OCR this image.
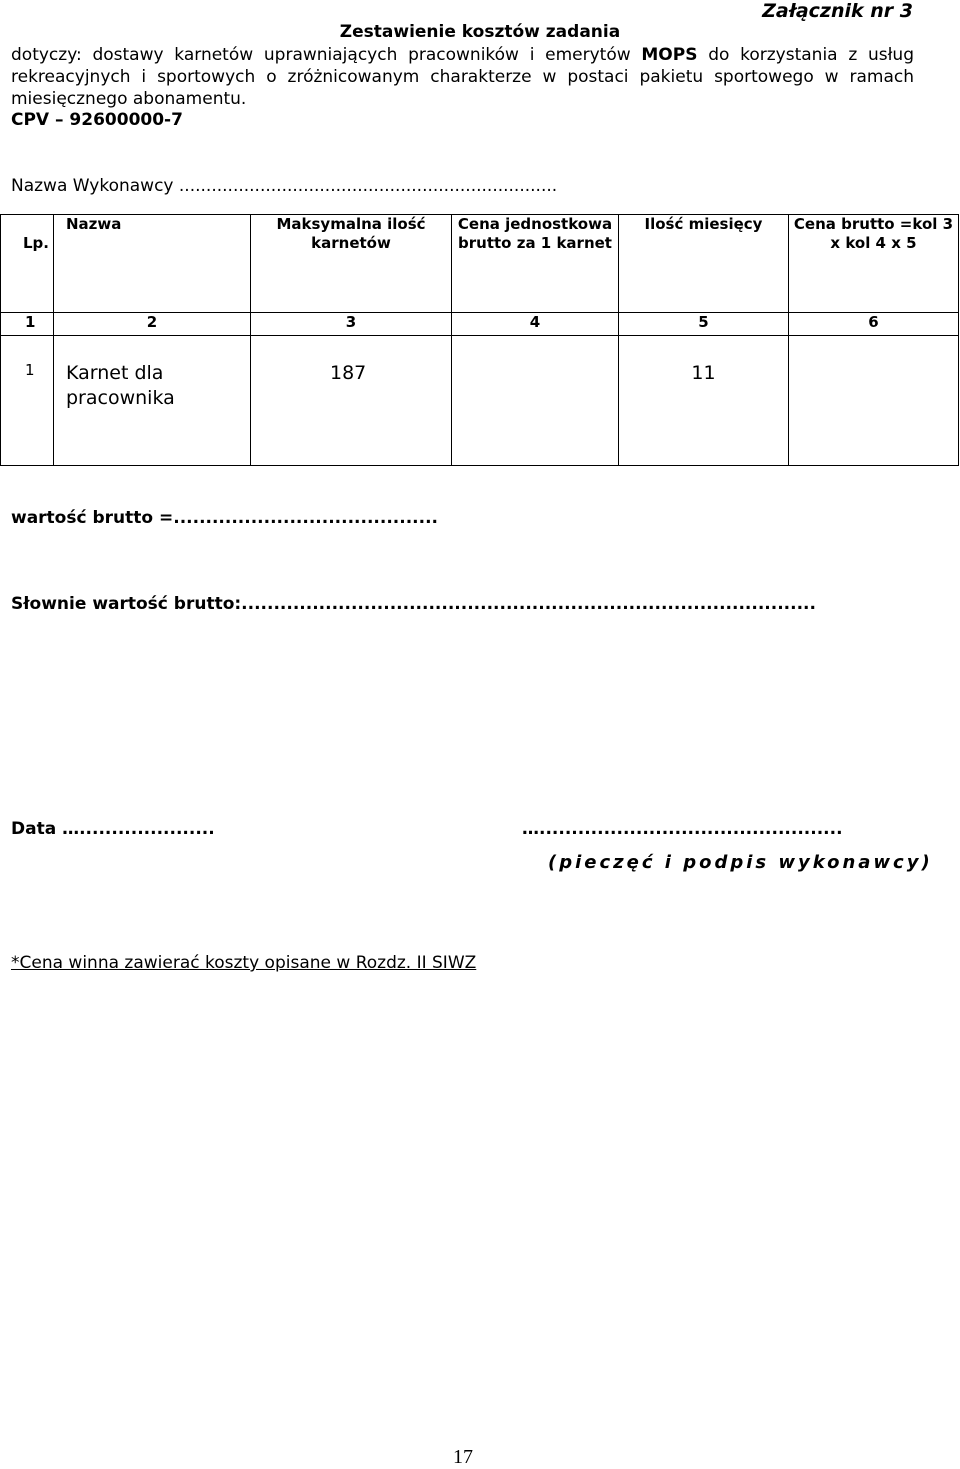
Załącznik nr 3
Zestawienie kosztów zadania
dotyczy: dostawy karnetów uprawniających pracowników i emerytów MOPS do korzystania z usług rekreacyjnych i sportowych o zróżnicowanym charakterze w postaci pakietu sportowego w ramach miesięcznego abonamentu.
CPV – 92600000-7
Nazwa Wykonawcy ......................................................................
Lp.	Nazwa	Maksymalna ilość karnetów	Cena jednostkowa brutto za 1 karnet	Ilość miesięcy	Cena brutto =kol 3 x kol 4 x 5
1	2	3	4	5	6
1	Karnet dla pracownika	187		11	
wartość brutto =.........................................
Słownie wartość brutto:.........................................................................................
Data ….....................	…...............................................
(pieczęć i podpis wykonawcy)
*Cena winna zawierać koszty opisane w Rozdz. II SIWZ
17
